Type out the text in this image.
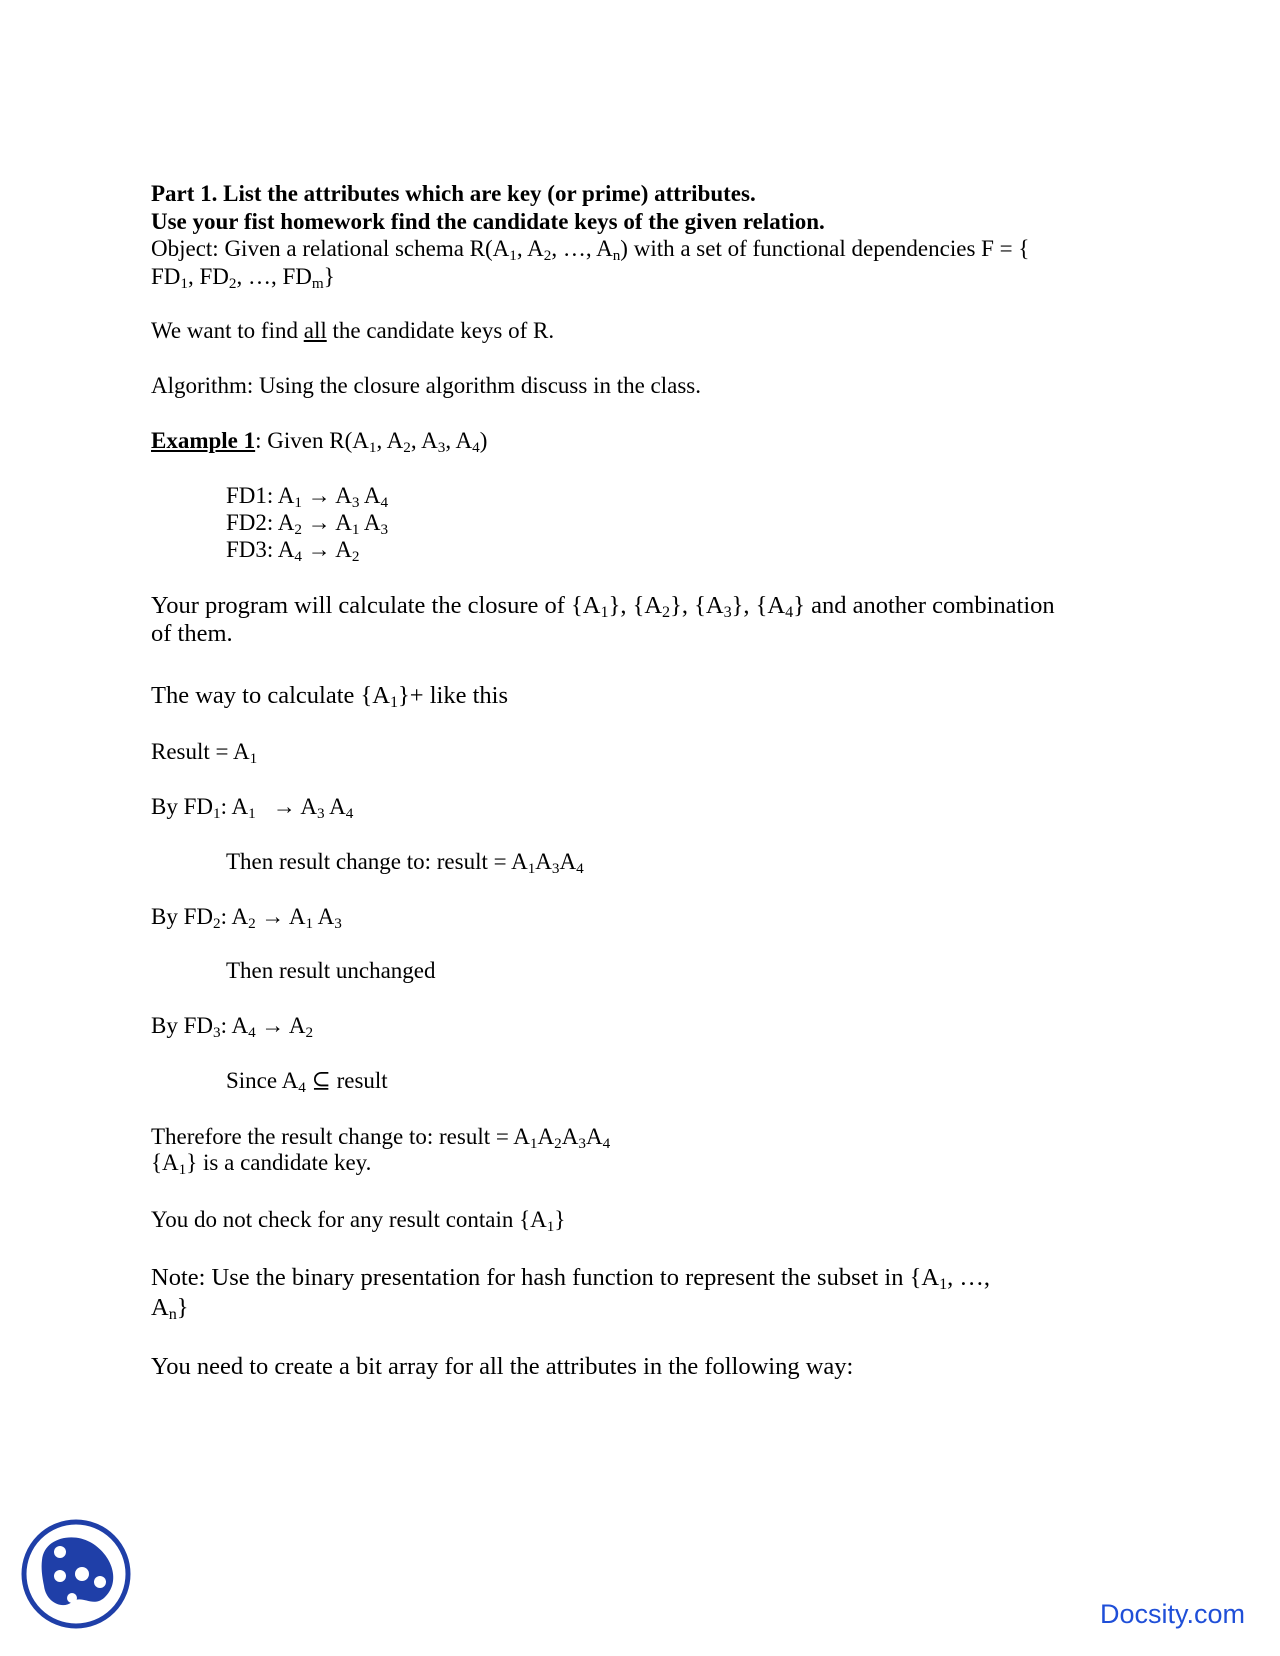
Part 1. List the attributes which are key (or prime) attributes.
Use your fist homework find the candidate keys of the given relation.
Object: Given a relational schema $R(A_1$, $A_2$, …, $A_n$) with a set of functional dependencies F = {
$FD_1$, $FD_2$, …, $FD_m$}
We want to find all the candidate keys of R.
Algorithm: Using the closure algorithm discuss in the class.
Example 1: Given $R(A_1$, $A_2$, $A_3$, $A_4$)
FD1: $A_1 \to A_3$ $A_4$
FD2: $A_2 \to A_1$ $A_3$
FD3: $A_4 \to A_2$
Your program will calculate the closure of $\{A_1\}$, $\{A_2\}$, $\{A_3\}$, $\{A_4\}$ and another combination
of them.
The way to calculate $\{A_1\}+$ like this
Result = $A_1$
By $FD_1$: $A_1 \to A_3$ $A_4$
Then result change to: result = $A_1A_3A_4$
By $FD_2$: $A_2 \to A_1$ $A_3$
Then result unchanged
By $FD_3$: $A_4 \to A_2$
Since $A_4$ ⊆ result
Therefore the result change to: result = $A_1A_2A_3A_4$
$\{A_1\}$ is a candidate key.
You do not check for any result contain $\{A_1\}$
Note: Use the binary presentation for hash function to represent the subset in {$A_1$, …,
$A_n$}
You need to create a bit array for all the attributes in the following way:
Docsity.com
